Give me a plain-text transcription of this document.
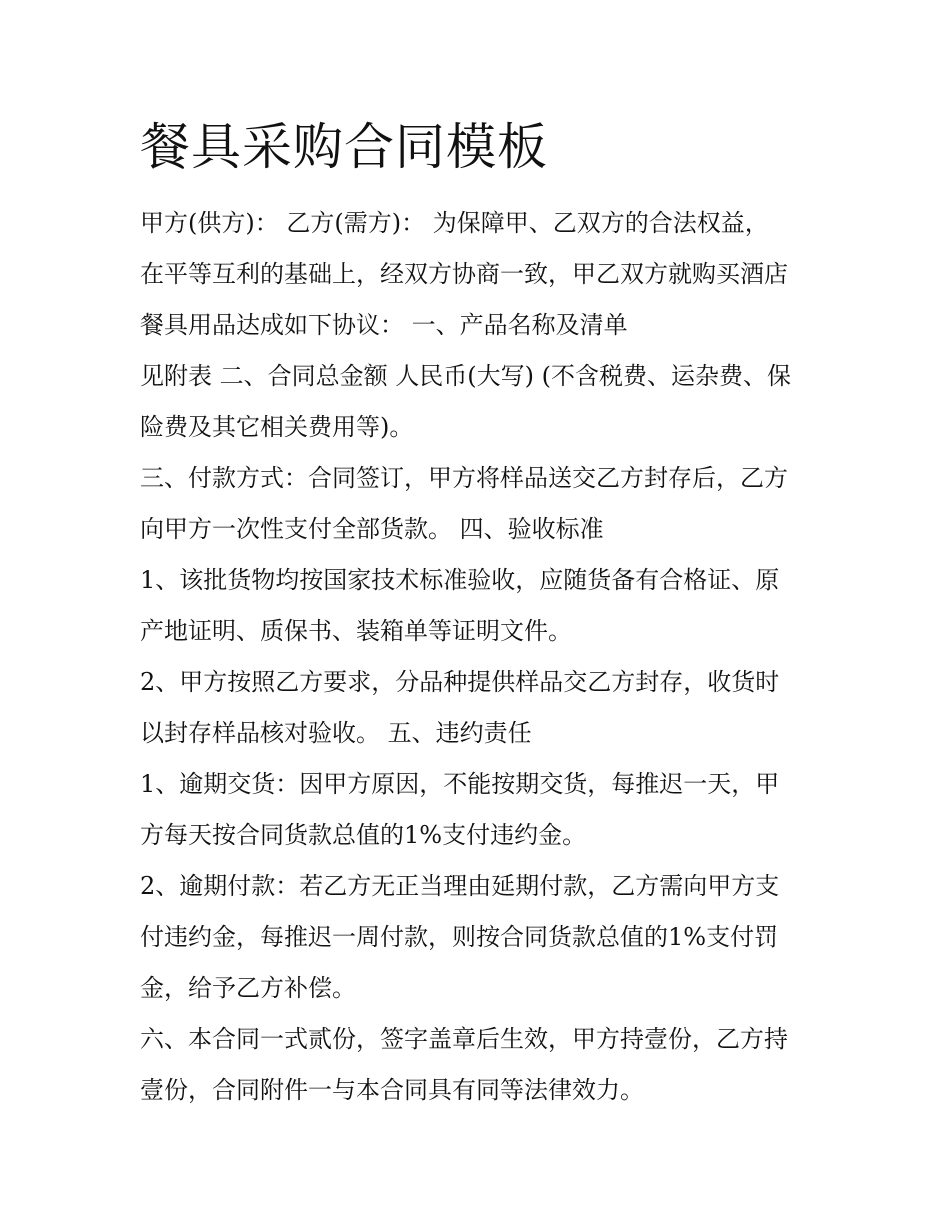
餐具采购合同模板
甲方(供方)： 乙方(需方)： 为保障甲、乙双方的合法权益，
在平等互利的基础上，经双方协商一致，甲乙双方就购买酒店
餐具用品达成如下协议： 一、产品名称及清单
见附表 二、合同总金额 人民币(大写) (不含税费、运杂费、保
险费及其它相关费用等)。
三、付款方式：合同签订，甲方将样品送交乙方封存后，乙方
向甲方一次性支付全部货款。 四、验收标准
1、该批货物均按国家技术标准验收，应随货备有合格证、原
产地证明、质保书、装箱单等证明文件。
2、甲方按照乙方要求，分品种提供样品交乙方封存，收货时
以封存样品核对验收。 五、违约责任
1、逾期交货：因甲方原因，不能按期交货，每推迟一天，甲
方每天按合同货款总值的1%支付违约金。
2、逾期付款：若乙方无正当理由延期付款，乙方需向甲方支
付违约金，每推迟一周付款，则按合同货款总值的1%支付罚
金，给予乙方补偿。
六、本合同一式贰份，签字盖章后生效，甲方持壹份，乙方持
壹份，合同附件一与本合同具有同等法律效力。
